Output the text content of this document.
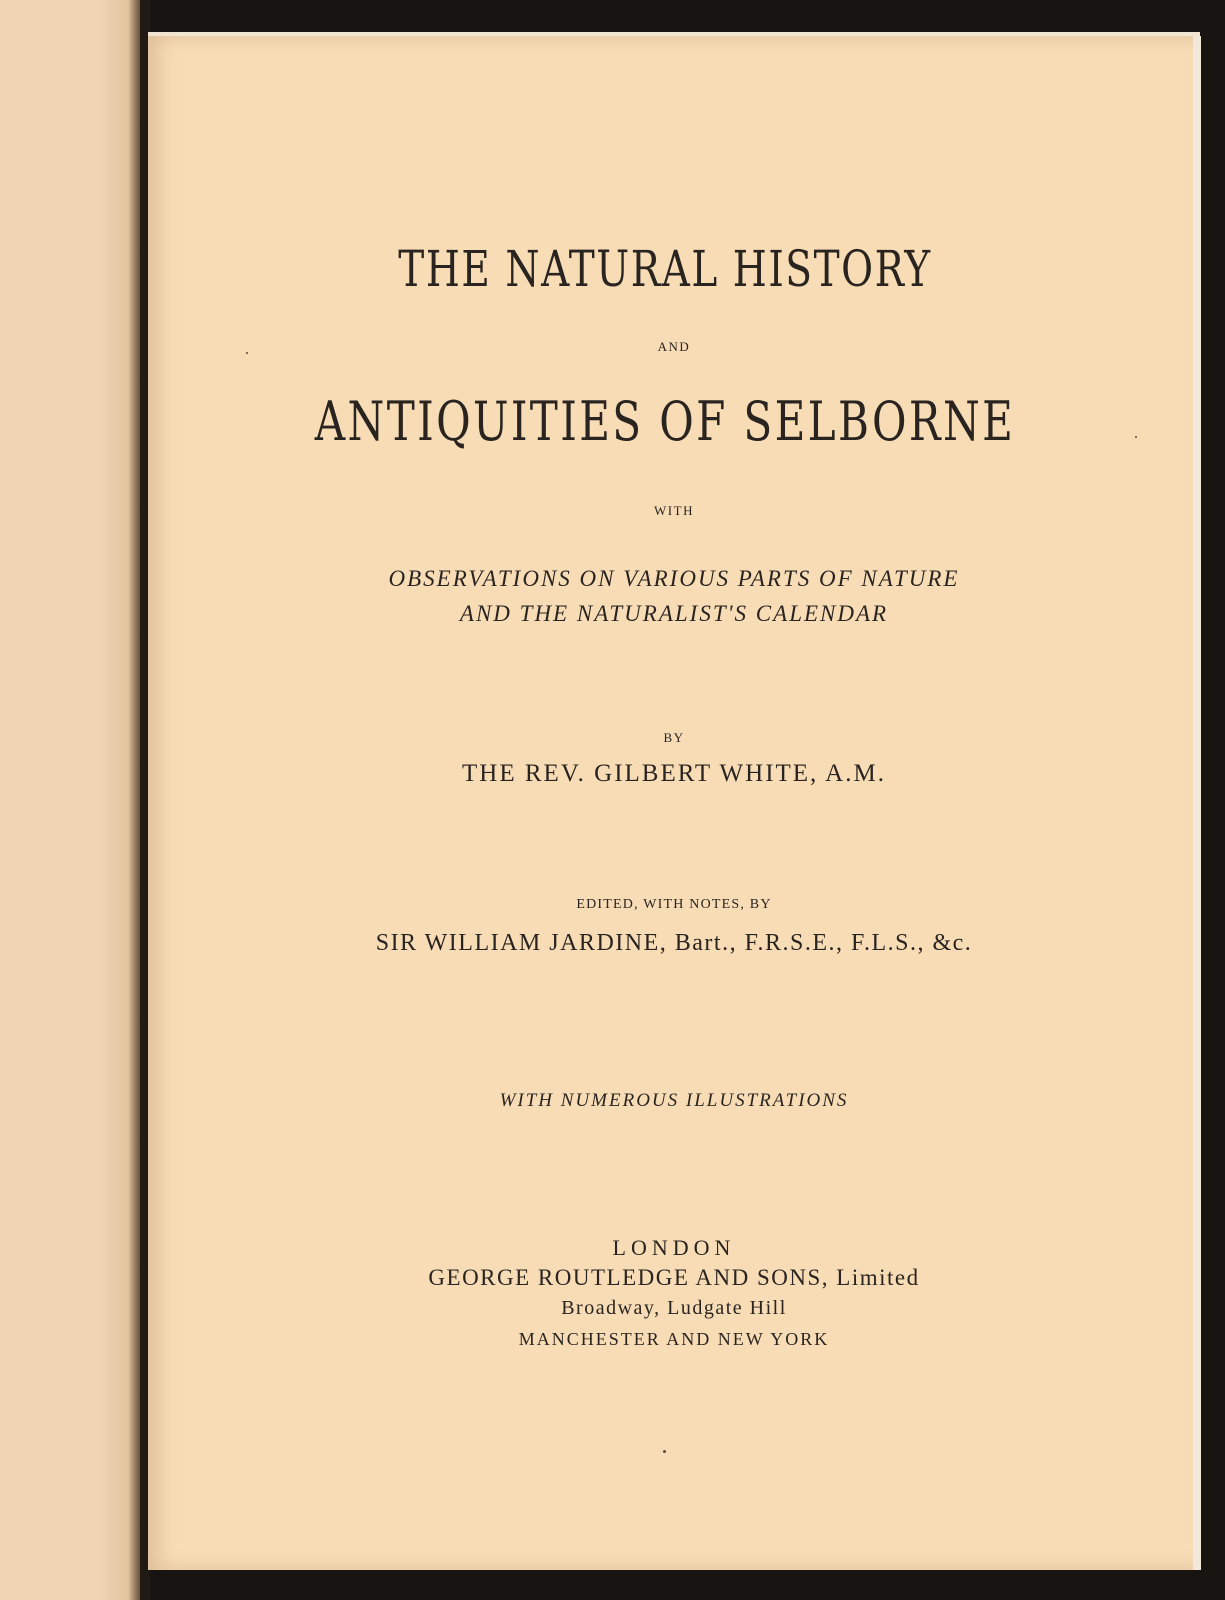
THE NATURAL HISTORY
AND
ANTIQUITIES OF SELBORNE
WITH
OBSERVATIONS ON VARIOUS PARTS OF NATURE
AND THE NATURALIST'S CALENDAR
BY
THE REV. GILBERT WHITE, A.M.
EDITED, WITH NOTES, BY
SIR WILLIAM JARDINE, Bart., F.R.S.E., F.L.S., &c.
WITH NUMEROUS ILLUSTRATIONS
LONDON
GEORGE ROUTLEDGE AND SONS, Limited
Broadway, Ludgate Hill
MANCHESTER AND NEW YORK
